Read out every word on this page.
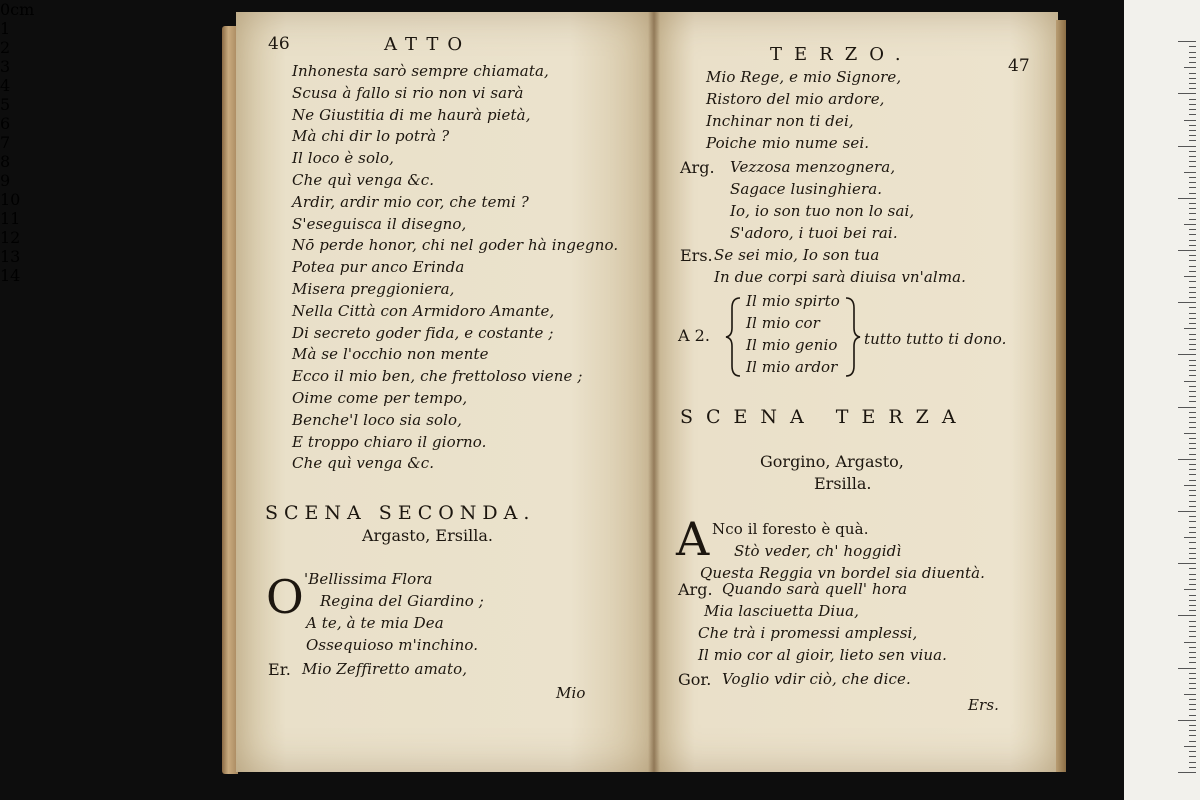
46	ATTO
Inhonesta sarò sempre chiamata,
Scusa à fallo si rio non vi sarà
Ne Giustitia di me haurà pietà,
Mà chi dir lo potrà ?
Il loco è solo,
Che quì venga &c.
Ardir, ardir mio cor, che temi ?
S'eseguisca il disegno,
Nō perde honor, chi nel goder hà ingegno.
Potea pur anco Erinda
Misera preggioniera,
Nella Città con Armidoro Amante,
Di secreto goder fida, e costante ;
Mà se l'occhio non mente
Ecco il mio ben, che frettoloso viene ;
Oime come per tempo,
Benche'l loco sia solo,
E troppo chiaro il giorno.
Che quì venga &c.
SCENA SECONDA.
Argasto, Ersilla.
O 'Bellissima Flora
Regina del Giardino ;
A te, à te mia Dea
Ossequioso m'inchino.
Er. Mio Zeffiretto amato,
Mio
TERZO.
47
Mio Rege, e mio Signore,
Ristoro del mio ardore,
Inchinar non ti dei,
Poiche mio nume sei.
Arg. Vezzosa menzognera,
Sagace lusinghiera.
Io, io son tuo non lo sai,
S'adoro, i tuoi bei rai.
Ers. Se sei mio, Io son tua
In due corpi sarà diuisa vn'alma.
A 2.
Il mio spirto
Il mio cor
Il mio genio
Il mio ardor
tutto tutto ti dono.
SCENA TERZA
Gorgino, Argasto,
Ersilla.
A Nco il foresto è quà.
Stò veder, ch' hoggidì
Questa Reggia vn bordel sia diuentà.
Arg. Quando sarà quell' hora
Mia lasciuetta Diua,
Che trà i promessi amplessi,
Il mio cor al gioir, lieto sen viua.
Gor. Voglio vdir ciò, che dice.
Ers.
0cm
1
2
3
4
5
6
7
8
9
10
11
12
13
14
